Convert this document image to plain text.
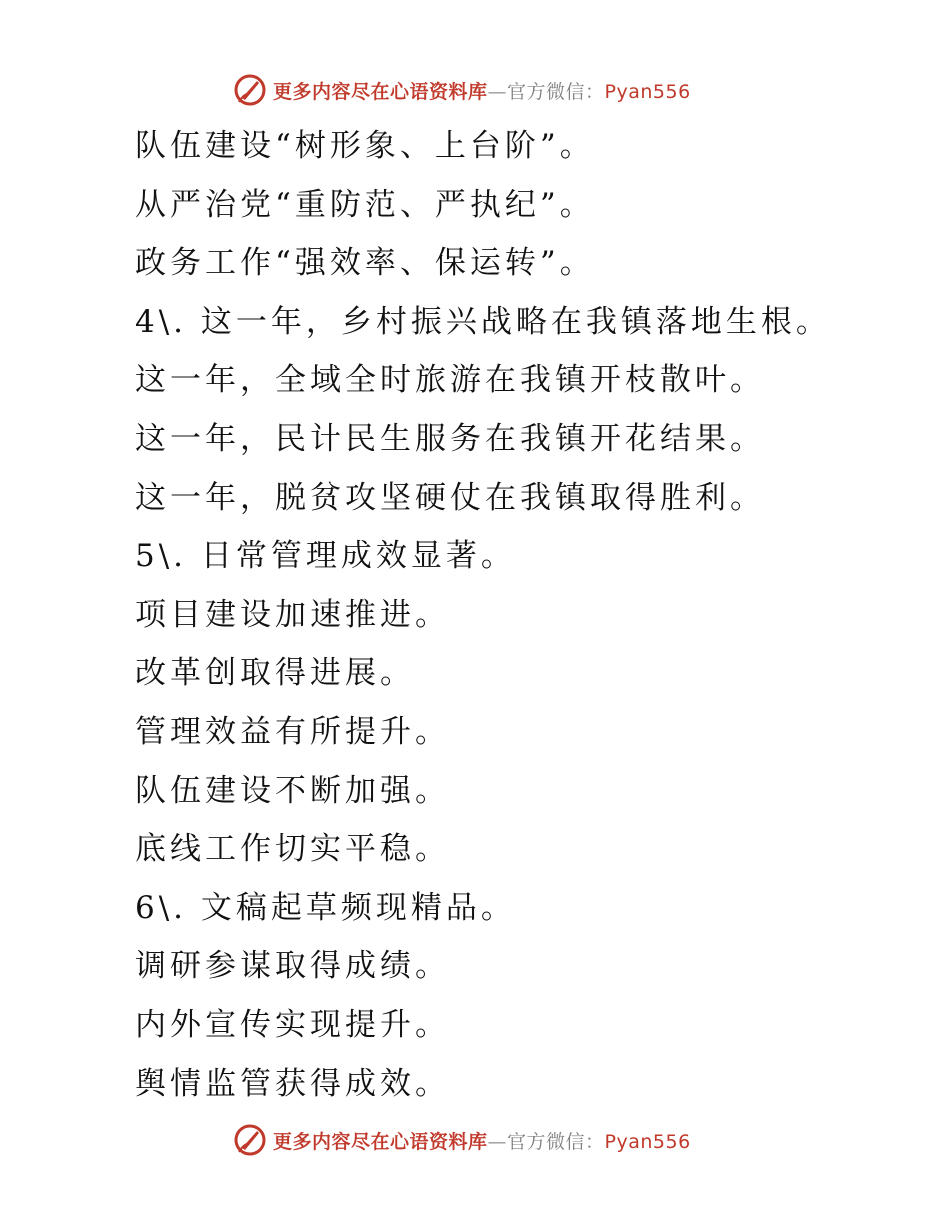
更多内容尽在心语资料库—官方微信：Pyan556
队伍建设“树形象、上台阶”。
从严治党“重防范、严执纪”。
政务工作“强效率、保运转”。
4\. 这一年，乡村振兴战略在我镇落地生根。
这一年，全域全时旅游在我镇开枝散叶。
这一年，民计民生服务在我镇开花结果。
这一年，脱贫攻坚硬仗在我镇取得胜利。
5\. 日常管理成效显著。
项目建设加速推进。
改革创取得进展。
管理效益有所提升。
队伍建设不断加强。
底线工作切实平稳。
6\. 文稿起草频现精品。
调研参谋取得成绩。
内外宣传实现提升。
舆情监管获得成效。
更多内容尽在心语资料库—官方微信：Pyan556
